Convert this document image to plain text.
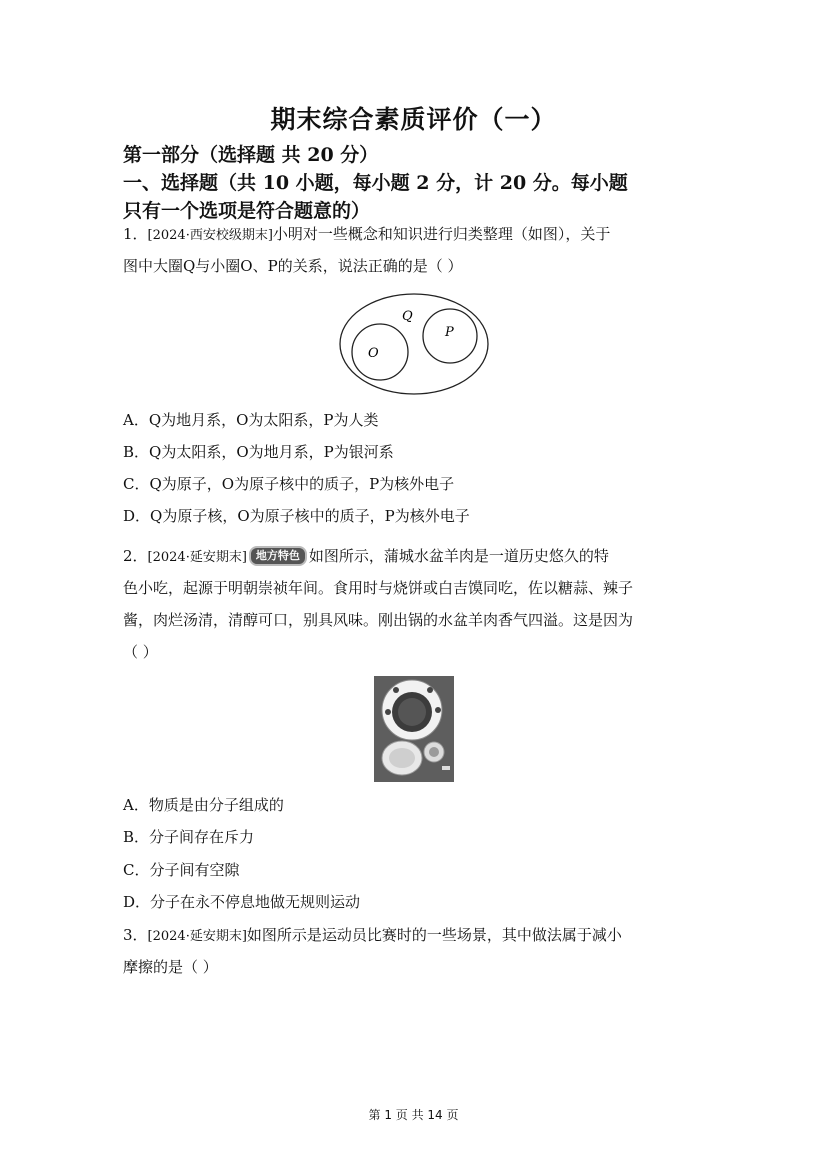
期末综合素质评价（一）
第一部分（选择题 共 20 分）
一、选择题（共 10 小题，每小题 2 分，计 20 分。每小题
只有一个选项是符合题意的）
1．[2024·西安校级期末]小明对一些概念和知识进行归类整理（如图），关于
图中大圈Q与小圈O、P的关系，说法正确的是（ ）
Q
O
P
A．Q为地月系，O为太阳系，P为人类
B．Q为太阳系，O为地月系，P为银河系
C．Q为原子，O为原子核中的质子，P为核外电子
D．Q为原子核，O为原子核中的质子，P为核外电子
2．[2024·延安期末] 地方特色 如图所示，蒲城水盆羊肉是一道历史悠久的特
色小吃，起源于明朝崇祯年间。食用时与烧饼或白吉馍同吃，佐以糖蒜、辣子
酱，肉烂汤清，清醇可口，别具风味。刚出锅的水盆羊肉香气四溢。这是因为
（ ）
A．物质是由分子组成的
B．分子间存在斥力
C．分子间有空隙
D．分子在永不停息地做无规则运动
3．[2024·延安期末]如图所示是运动员比赛时的一些场景，其中做法属于减小
摩擦的是（ ）
第 1 页 共 14 页
